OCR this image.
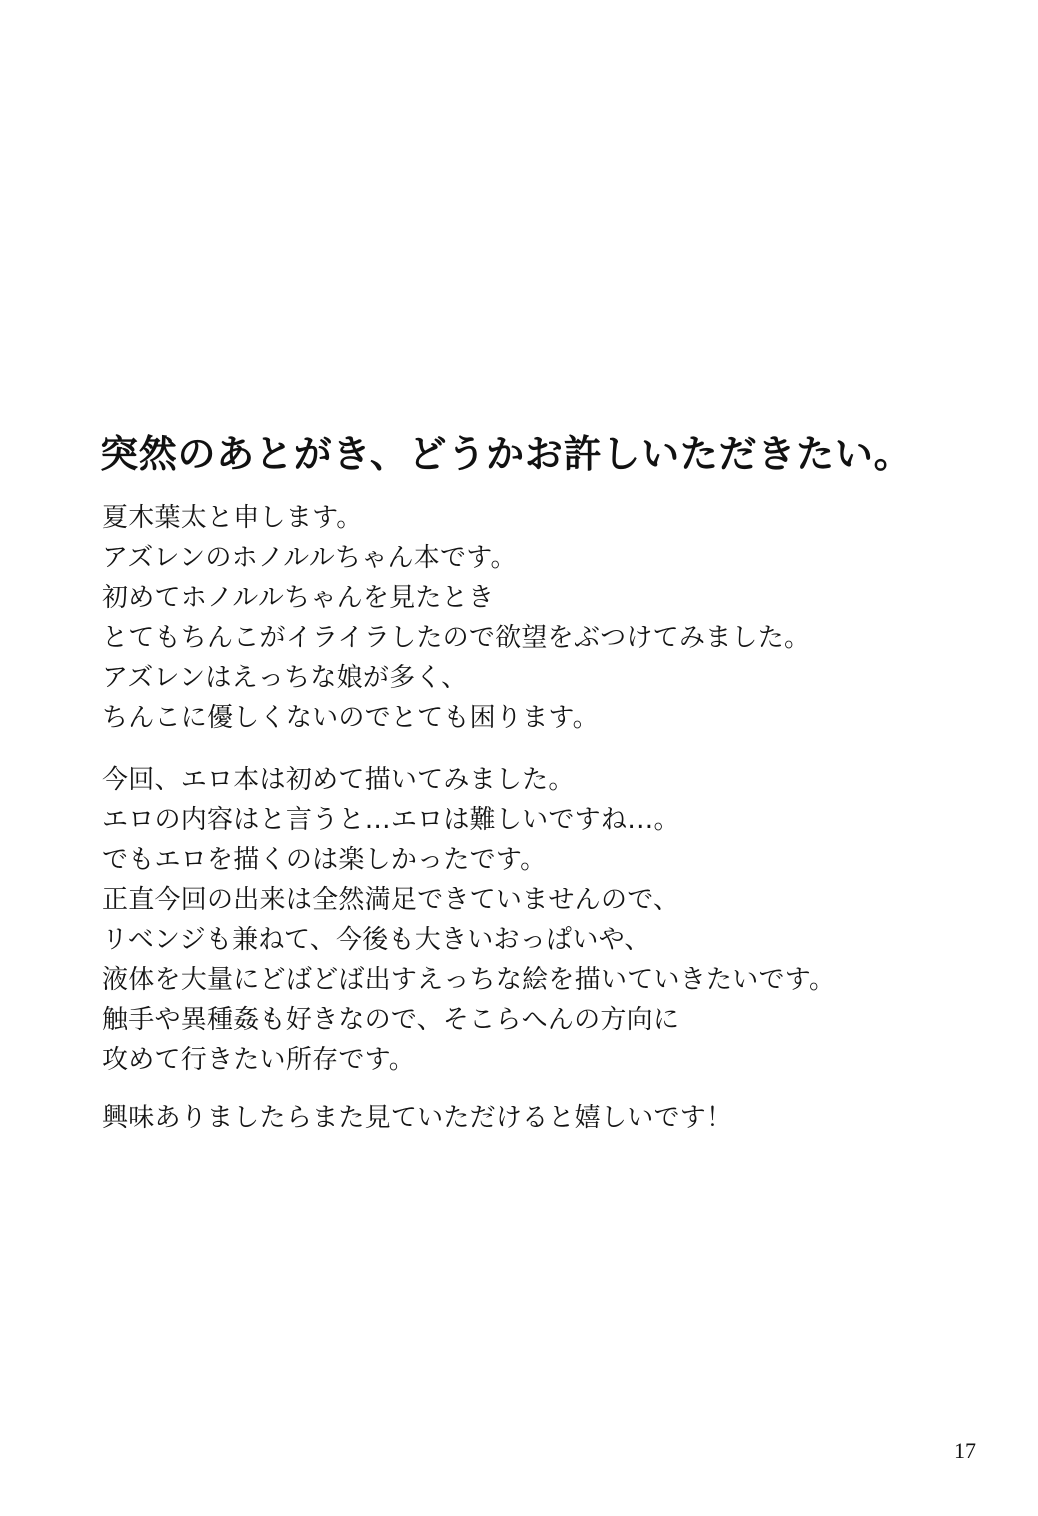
突然のあとがき、どうかお許しいただきたい。

夏木葉太と申します。

アズレンのホノルルちゃん本です。

初めてホノルルちゃんを見たとき

とてもちんこがイライラしたので欲望をぶつけてみました。

アズレンはえっちな娘が多く、

ちんこに優しくないのでとても困ります。

今回、エロ本は初めて描いてみました。

エロの内容はと言うと…エロは難しいですね…。

でもエロを描くのは楽しかったです。

正直今回の出来は全然満足できていませんので、

リベンジも兼ねて、今後も大きいおっぱいや、

液体を大量にどばどば出すえっちな絵を描いていきたいです。

触手や異種姦も好きなので、そこらへんの方向に

攻めて行きたい所存です。

興味ありましたらまた見ていただけると嬉しいです！

17
